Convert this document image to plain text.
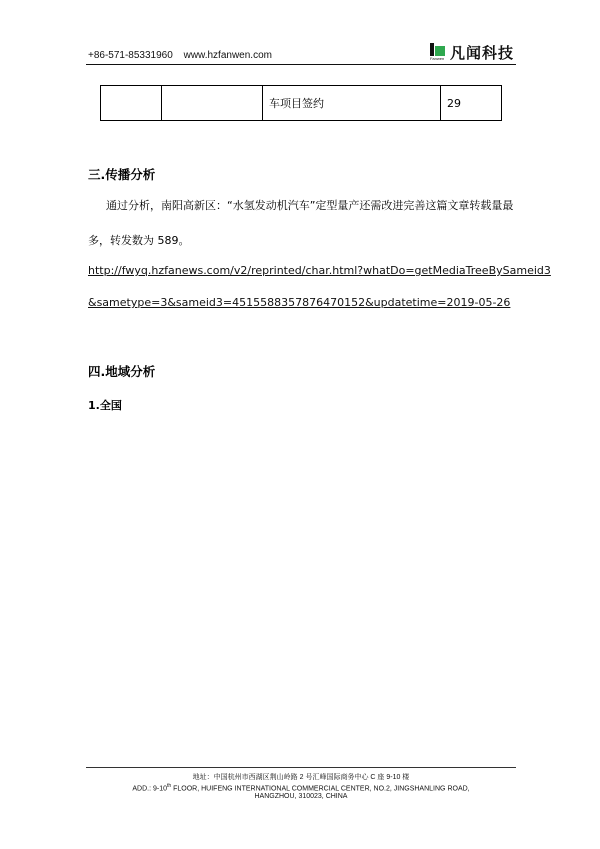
+86-571-85331960 www.hzfanwen.com	Fanwen 凡闻科技
		车项目签约	29
三.传播分析
通过分析，南阳高新区：“水氢发动机汽车”定型量产还需改进完善这篇文章转载量最
多，转发数为 589。
http://fwyq.hzfanews.com/v2/reprinted/char.html?whatDo=getMediaTreeBySameid3
&sametype=3&sameid3=4515588357876470152&updatetime=2019-05-26
四.地域分析
1.全国
地址：中国杭州市西湖区荆山岭路 2 号汇峰国际商务中心 C 座 9-10 楼
ADD.: 9-10th FLOOR, HUIFENG INTERNATIONAL COMMERCIAL CENTER, NO.2, JINGSHANLING ROAD,
HANGZHOU, 310023, CHINA
